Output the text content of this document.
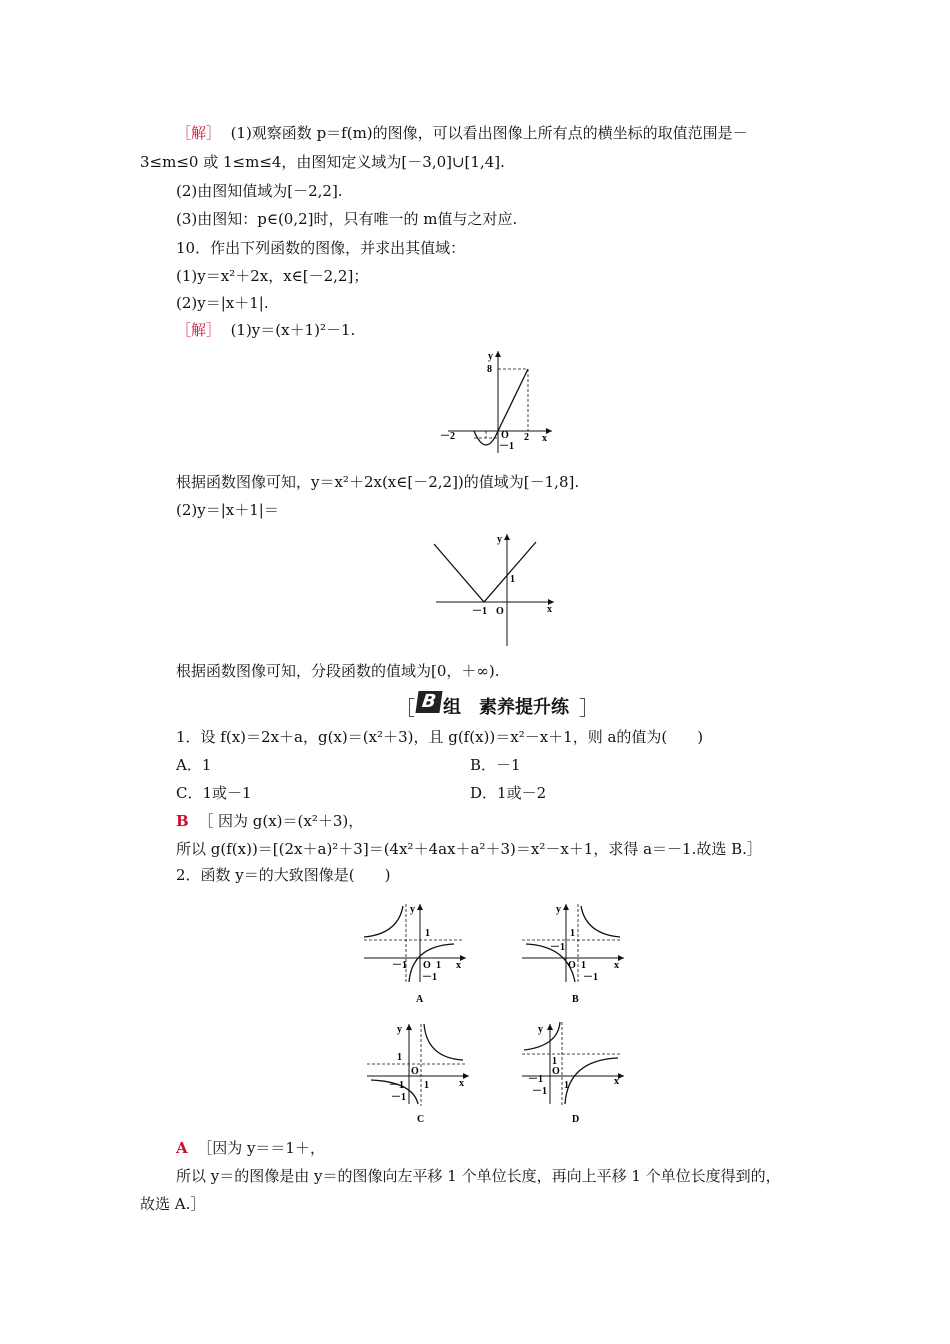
［解］ (1)观察函数 p＝f(m)的图像，可以看出图像上所有点的横坐标的取值范围是－
3≤m≤0 或 1≤m≤4，由图知定义域为[－3,0]∪[1,4].
(2)由图知值域为[－2,2].
(3)由图知：p∈(0,2]时，只有唯一的 m值与之对应.
10．作出下列函数的图像，并求出其值域：
(1)y＝x²＋2x，x∈[－2,2]；
(2)y＝|x＋1|.
［解］ (1)y＝(x＋1)²－1.
y
8
－2	O 2 x
－1
根据函数图像可知，y＝x²＋2x(x∈[－2,2])的值域为[－1,8].
(2)y＝|x＋1|＝
y
1
－1 O	x
根据函数图像可知，分段函数的值域为[0，＋∞).
［ B 组　素养提升练 ］
1．设 f(x)＝2x＋a，g(x)＝(x²＋3)，且 g(f(x))＝x²－x＋1，则 a的值为(　　)
A．1	B．－1
C．1或－1	D．1或－2
B ［ 因为 g(x)＝(x²＋3)，
所以 g(f(x))＝[(2x＋a)²＋3]＝(4x²＋4ax＋a²＋3)＝x²－x＋1，求得 a＝－1.故选 B.］
2．函数 y＝的大致图像是(　　)
y
1
－1 O 1 x
－1
A
y
1
－1
O 1	x
－1
B
y
1
O
－1 1	x
－1
C
y
1
O
－1
1	x
－1
D
A ［因为 y＝＝1＋，
所以 y＝的图像是由 y＝的图像向左平移 1 个单位长度，再向上平移 1 个单位长度得到的，
故选 A.］
